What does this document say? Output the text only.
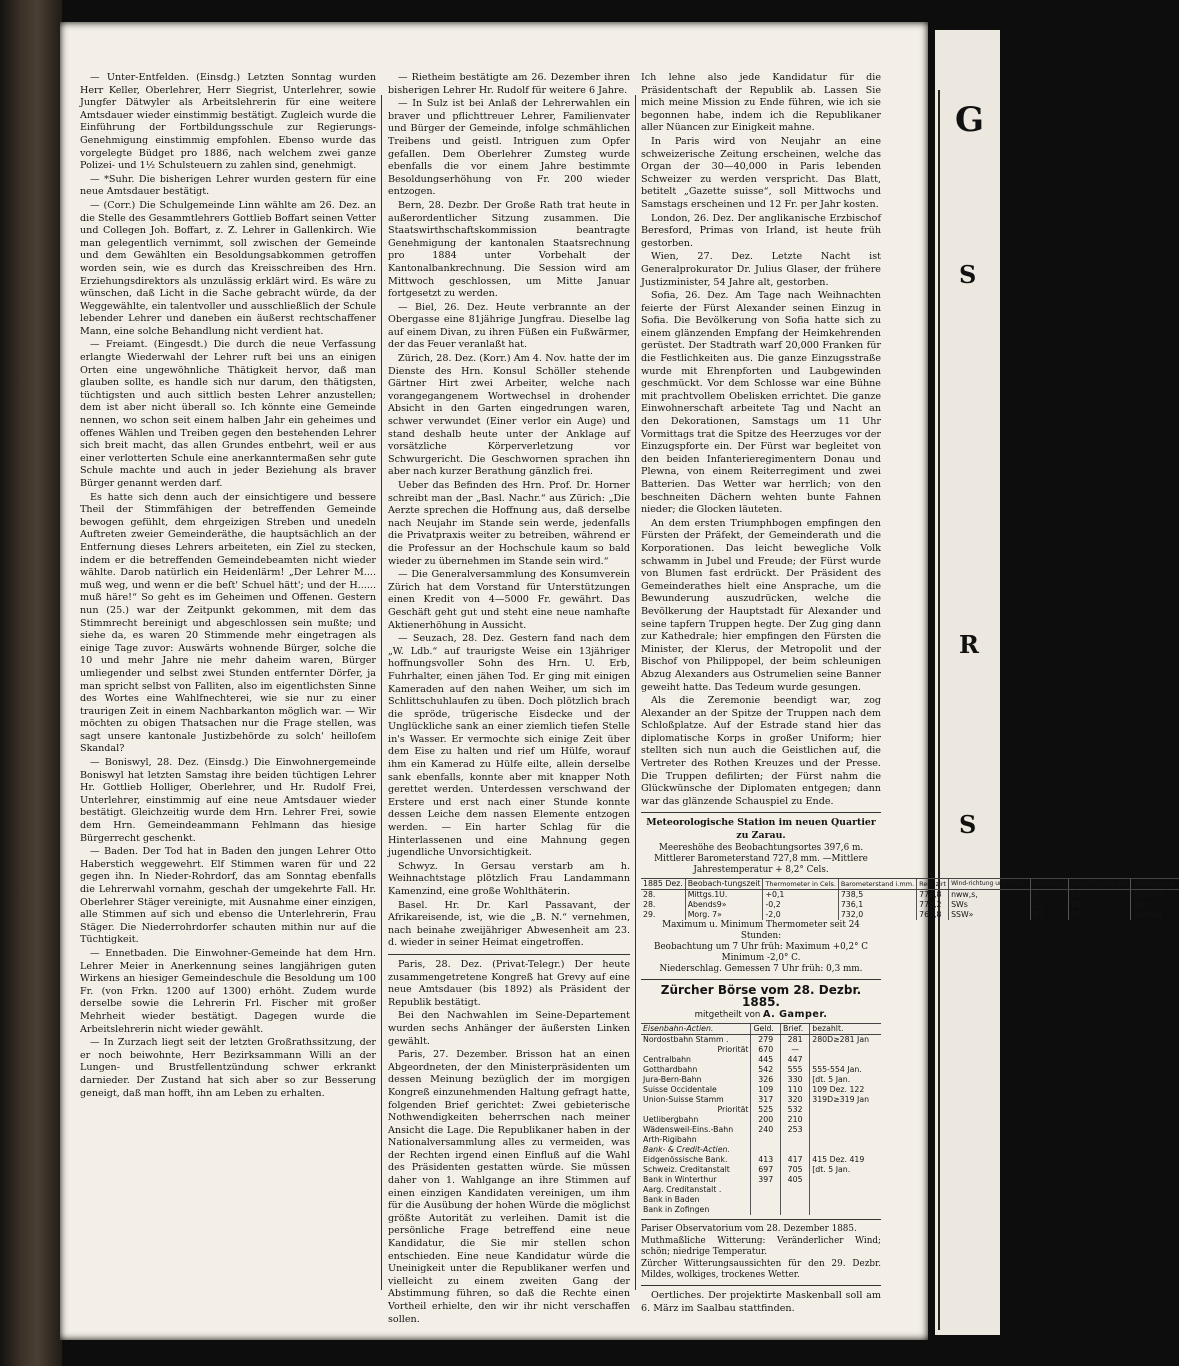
G
S
R
S

— Unter-Entfelden. (Einsdg.) Letzten Sonntag wurden Herr Keller, Oberlehrer, Herr Siegrist, Unterlehrer, sowie Jungfer Dätwyler als Arbeitslehrerin für eine weitere Amtsdauer wieder einstimmig bestätigt. Zugleich wurde die Einführung der Fortbildungsschule zur Regierungs-Genehmigung einstimmig empfohlen. Ebenso wurde das vorgelegte Büdget pro 1886, nach welchem zwei ganze Polizei- und 1½ Schulsteuern zu zahlen sind, genehmigt.

— *Suhr. Die bisherigen Lehrer wurden gestern für eine neue Amtsdauer bestätigt.

— (Corr.) Die Schulgemeinde Linn wählte am 26. Dez. an die Stelle des Gesammtlehrers Gottlieb Boffart seinen Vetter und Collegen Joh. Boffart, z. Z. Lehrer in Gallenkirch. Wie man gelegentlich vernimmt, soll zwischen der Gemeinde und dem Gewählten ein Besoldungsabkommen getroffen worden sein, wie es durch das Kreisschreiben des Hrn. Erziehungsdirektors als unzulässig erklärt wird. Es wäre zu wünschen, daß Licht in die Sache gebracht würde, da der Weggewählte, ein talentvoller und ausschließlich der Schule lebender Lehrer und daneben ein äußerst rechtschaffener Mann, eine solche Behandlung nicht verdient hat.

— Freiamt. (Eingesdt.) Die durch die neue Verfassung erlangte Wiederwahl der Lehrer ruft bei uns an einigen Orten eine ungewöhnliche Thätigkeit hervor, daß man glauben sollte, es handle sich nur darum, den thätigsten, tüchtigsten und auch sittlich besten Lehrer anzustellen; dem ist aber nicht überall so. Ich könnte eine Gemeinde nennen, wo schon seit einem halben Jahr ein geheimes und offenes Wählen und Treiben gegen den bestehenden Lehrer sich breit macht, das allen Grundes entbehrt, weil er aus einer verlotterten Schule eine anerkanntermaßen sehr gute Schule machte und auch in jeder Beziehung als braver Bürger genannt werden darf.

Es hatte sich denn auch der einsichtigere und bessere Theil der Stimmfähigen der betreffenden Gemeinde bewogen gefühlt, dem ehrgeizigen Streben und unedeln Auftreten zweier Gemeinderäthe, die hauptsächlich an der Entfernung dieses Lehrers arbeiteten, ein Ziel zu stecken, indem er die betreffenden Gemeindebeamten nicht wieder wählte. Darob natürlich ein Heidenlärm! „Der Lehrer M.... muß weg, und wenn er die beſt' Schuel hätt'; und der H...... muß häre!“ So geht es im Geheimen und Offenen. Gestern nun (25.) war der Zeitpunkt gekommen, mit dem das Stimmrecht bereinigt und abgeschlossen sein mußte; und siehe da, es waren 20 Stimmende mehr eingetragen als einige Tage zuvor: Auswärts wohnende Bürger, solche die 10 und mehr Jahre nie mehr daheim waren, Bürger umliegender und selbst zwei Stunden entfernter Dörfer, ja man spricht selbst von Falliten, also im eigentlichsten Sinne des Wortes eine Wahlfnechterei, wie sie nur zu einer traurigen Zeit in einem Nachbarkanton möglich war. — Wir möchten zu obigen Thatsachen nur die Frage stellen, was sagt unsere kantonale Justizbehörde zu solch' heilloſem Skandal?

— Boniswyl, 28. Dez. (Einsdg.) Die Einwohnergemeinde Boniswyl hat letzten Samstag ihre beiden tüchtigen Lehrer Hr. Gottlieb Holliger, Oberlehrer, und Hr. Rudolf Frei, Unterlehrer, einstimmig auf eine neue Amtsdauer wieder bestätigt. Gleichzeitig wurde dem Hrn. Lehrer Frei, sowie dem Hrn. Gemeindeammann Fehlmann das hiesige Bürgerrecht geschenkt.

— Baden. Der Tod hat in Baden den jungen Lehrer Otto Haberstich weggewehrt. Elf Stimmen waren für und 22 gegen ihn. In Nieder-Rohrdorf, das am Sonntag ebenfalls die Lehrerwahl vornahm, geschah der umgekehrte Fall. Hr. Oberlehrer Stäger vereinigte, mit Ausnahme einer einzigen, alle Stimmen auf sich und ebenso die Unterlehrerin, Frau Stäger. Die Niederrohrdorfer schauten mithin nur auf die Tüchtigkeit.

— Ennetbaden. Die Einwohner-Gemeinde hat dem Hrn. Lehrer Meier in Anerkennung seines langjährigen guten Wirkens an hiesiger Gemeindeschule die Besoldung um 100 Fr. (von Frkn. 1200 auf 1300) erhöht. Zudem wurde derselbe sowie die Lehrerin Frl. Fischer mit großer Mehrheit wieder bestätigt. Dagegen wurde die Arbeitslehrerin nicht wieder gewählt.

— In Zurzach liegt seit der letzten Großrathssitzung, der er noch beiwohnte, Herr Bezirksammann Willi an der Lungen- und Brustfellentzündung schwer erkrankt darnieder. Der Zustand hat sich aber so zur Besserung geneigt, daß man hofft, ihn am Leben zu erhalten.

— Rietheim bestätigte am 26. Dezember ihren bisherigen Lehrer Hr. Rudolf für weitere 6 Jahre.

— In Sulz ist bei Anlaß der Lehrerwahlen ein braver und pflichttreuer Lehrer, Familienvater und Bürger der Gemeinde, infolge schmählichen Treibens und geistl. Intriguen zum Opfer gefallen. Dem Oberlehrer Zumsteg wurde ebenfalls die vor einem Jahre bestimmte Besoldungserhöhung von Fr. 200 wieder entzogen.

Bern, 28. Dezbr. Der Große Rath trat heute in außerordentlicher Sitzung zusammen. Die Staatswirthschaftskommission beantragte Genehmigung der kantonalen Staatsrechnung pro 1884 unter Vorbehalt der Kantonalbankrechnung. Die Session wird am Mittwoch geschlossen, um Mitte Januar fortgesetzt zu werden.

— Biel, 26. Dez. Heute verbrannte an der Obergasse eine 81jährige Jungfrau. Dieselbe lag auf einem Divan, zu ihren Füßen ein Fußwärmer, der das Feuer veranlaßt hat.

Zürich, 28. Dez. (Korr.) Am 4. Nov. hatte der im Dienste des Hrn. Konsul Schöller stehende Gärtner Hirt zwei Arbeiter, welche nach vorangegangenem Wortwechsel in drohender Absicht in den Garten eingedrungen waren, schwer verwundet (Einer verlor ein Auge) und stand deshalb heute unter der Anklage auf vorsätzliche Körperverletzung vor Schwurgericht. Die Geschwornen sprachen ihn aber nach kurzer Berathung gänzlich frei.

Ueber das Befinden des Hrn. Prof. Dr. Horner schreibt man der „Basl. Nachr.“ aus Zürich: „Die Aerzte sprechen die Hoffnung aus, daß derselbe nach Neujahr im Stande sein werde, jedenfalls die Privatpraxis weiter zu betreiben, während er die Professur an der Hochschule kaum so bald wieder zu übernehmen im Stande sein wird.“

— Die Generalversammlung des Konsumverein Zürich hat dem Vorstand für Unterstützungen einen Kredit von 4—5000 Fr. gewährt. Das Geschäft geht gut und steht eine neue namhafte Aktienerhöhung in Aussicht.

— Seuzach, 28. Dez. Gestern fand nach dem „W. Ldb.“ auf traurigste Weise ein 13jähriger hoffnungsvoller Sohn des Hrn. U. Erb, Fuhrhalter, einen jähen Tod. Er ging mit einigen Kameraden auf den nahen Weiher, um sich im Schlittschuhlaufen zu üben. Doch plötzlich brach die spröde, trügerische Eisdecke und der Unglückliche sank an einer ziemlich tiefen Stelle in's Wasser. Er vermochte sich einige Zeit über dem Eise zu halten und rief um Hülfe, worauf ihm ein Kamerad zu Hülfe eilte, allein derselbe sank ebenfalls, konnte aber mit knapper Noth gerettet werden. Unterdessen verschwand der Erstere und erst nach einer Stunde konnte dessen Leiche dem nassen Elemente entzogen werden. — Ein harter Schlag für die Hinterlassenen und eine Mahnung gegen jugendliche Unvorsichtigkeit.

Schwyz. In Gersau verstarb am h. Weihnachtstage plötzlich Frau Landammann Kamenzind, eine große Wohlthäterin.

Basel. Hr. Dr. Karl Passavant, der Afrikareisende, ist, wie die „B. N.“ vernehmen, nach beinahe zweijähriger Abwesenheit am 23. d. wieder in seiner Heimat eingetroffen.

Paris, 28. Dez. (Privat-Telegr.) Der heute zusammengetretene Kongreß hat Grevy auf eine neue Amtsdauer (bis 1892) als Präsident der Republik bestätigt.

Bei den Nachwahlen im Seine-Departement wurden sechs Anhänger der äußersten Linken gewählt.

Paris, 27. Dezember. Brisson hat an einen Abgeordneten, der den Ministerpräsidenten um dessen Meinung bezüglich der im morgigen Kongreß einzunehmenden Haltung gefragt hatte, folgenden Brief gerichtet: Zwei gebieterische Nothwendigkeiten beherrschen nach meiner Ansicht die Lage. Die Republikaner haben in der Nationalversammlung alles zu vermeiden, was der Rechten irgend einen Einfluß auf die Wahl des Präsidenten gestatten würde. Sie müssen daher von 1. Wahlgange an ihre Stimmen auf einen einzigen Kandidaten vereinigen, um ihm für die Ausübung der hohen Würde die möglichst größte Autorität zu verleihen. Damit ist die persönliche Frage betreffend eine neue Kandidatur, die Sie mir stellen schon entschieden. Eine neue Kandidatur würde die Uneinigkeit unter die Republikaner werfen und vielleicht zu einem zweiten Gang der Abstimmung führen, so daß die Rechte einen Vortheil erhielte, den wir ihr nicht verschaffen sollen.

Ich lehne also jede Kandidatur für die Präsidentschaft der Republik ab. Lassen Sie mich meine Mission zu Ende führen, wie ich sie begonnen habe, indem ich die Republikaner aller Nüancen zur Einigkeit mahne.

In Paris wird von Neujahr an eine schweizerische Zeitung erscheinen, welche das Organ der 30—40,000 in Paris lebenden Schweizer zu werden verspricht. Das Blatt, betitelt „Gazette suisse“, soll Mittwochs und Samstags erscheinen und 12 Fr. per Jahr kosten.

London, 26. Dez. Der anglikanische Erzbischof Beresford, Primas von Irland, ist heute früh gestorben.

Wien, 27. Dez. Letzte Nacht ist Generalprokurator Dr. Julius Glaser, der frühere Justizminister, 54 Jahre alt, gestorben.

Sofia, 26. Dez. Am Tage nach Weihnachten feierte der Fürst Alexander seinen Einzug in Sofia. Die Bevölkerung von Sofia hatte sich zu einem glänzenden Empfang der Heimkehrenden gerüstet. Der Stadtrath warf 20,000 Franken für die Festlichkeiten aus. Die ganze Einzugsstraße wurde mit Ehrenpforten und Laubgewinden geschmückt. Vor dem Schlosse war eine Bühne mit prachtvollem Obelisken errichtet. Die ganze Einwohnerschaft arbeitete Tag und Nacht an den Dekorationen, Samstags um 11 Uhr Vormittags trat die Spitze des Heerzuges vor der Einzugspforte ein. Der Fürst war begleitet von den beiden Infanterieregimentern Donau und Plewna, von einem Reiterregiment und zwei Batterien. Das Wetter war herrlich; von den beschneiten Dächern wehten bunte Fahnen nieder; die Glocken läuteten.

An dem ersten Triumphbogen empfingen den Fürsten der Präfekt, der Gemeinderath und die Korporationen. Das leicht bewegliche Volk schwamm in Jubel und Freude; der Fürst wurde von Blumen fast erdrückt. Der Präsident des Gemeinderathes hielt eine Ansprache, um die Bewunderung auszudrücken, welche die Bevölkerung der Hauptstadt für Alexander und seine tapfern Truppen hegte. Der Zug ging dann zur Kathedrale; hier empfingen den Fürsten die Minister, der Klerus, der Metropolit und der Bischof von Philippopel, der beim schleunigen Abzug Alexanders aus Ostrumelien seine Banner geweiht hatte. Das Tedeum wurde gesungen.

Als die Zeremonie beendigt war, zog Alexander an der Spitze der Truppen nach dem Schloßplatze. Auf der Estrade stand hier das diplomatische Korps in großer Uniform; hier stellten sich nun auch die Geistlichen auf, die Vertreter des Rothen Kreuzes und der Presse. Die Truppen defilirten; der Fürst nahm die Glückwünsche der Diplomaten entgegen; dann war das glänzende Schauspiel zu Ende.

Meteorologische Station im neuen Quartier zu Zarau.
Meereshöhe des Beobachtungsortes 397,6 m.
Mittlerer Barometerstand 727,8 mm. —Mittlere
Jahrestemperatur + 8,2° Cels.
1885 Dez.	Beobach-tungszeit	Thermometer in Cels.	Barometerstand i.mm.	Reduzirt	Wind-richtung und Stärke	Bewölkung	Relat. Feuchtig-keit	Witte-rung.
28.	Mittgs.1U.	+0,1	738,5	773,8	nww,s,	9	79	bedeckt
28.	Abends9»	-0,2	736,1	771,2	SWs	10	94	dto.
29.	Morg. 7»	-2,0	732,0	767,8	SSW»	10	97	Schnee
Maximum u. Minimum Thermometer seit 24 Stunden:
Beobachtung um 7 Uhr früh: Maximum +0,2° C
Minimum -2,0° C.
Niederschlag. Gemessen 7 Uhr früh: 0,3 mm.
Zürcher Börse vom 28. Dezbr. 1885.
mitgetheilt von A. Gamper.
Eisenbahn-Actien.	Geld.	Brief.	bezahlt.
Nordostbahn Stamm .	279	281	280D≥281 Jan
Priorität	670	—	
Centralbahn	445	447	
Gotthardbahn	542	555	555-554 Jan.
Jura-Bern-Bahn	326	330	[dt. 5 Jan.
Suisse Occidentale	109	110	109 Dez. 122
Union-Suisse Stamm	317	320	319D≥319 Jan
Priorität	525	532	
Uetlibergbahn	200	210	
Wädensweil-Eins.-Bahn	240	253	
Arth-Rigibahn			
Bank- & Credit-Actien.			
Eidgenössische Bank.	413	417	415 Dez. 419
Schweiz. Creditanstalt	697	705	[dt. 5 Jan.
Bank in Winterthur	397	405	
Aarg. Creditanstalt .			
Bank in Baden			
Bank in Zofingen			

Pariser Observatorium vom 28. Dezember 1885.

Muthmaßliche Witterung: Veränderlicher Wind; schön; niedrige Temperatur.

Zürcher Witterungsaussichten für den 29. Dezbr. Mildes, wolkiges, trockenes Wetter.

Oertliches. Der projektirte Maskenball soll am 6. März im Saalbau stattfinden.
